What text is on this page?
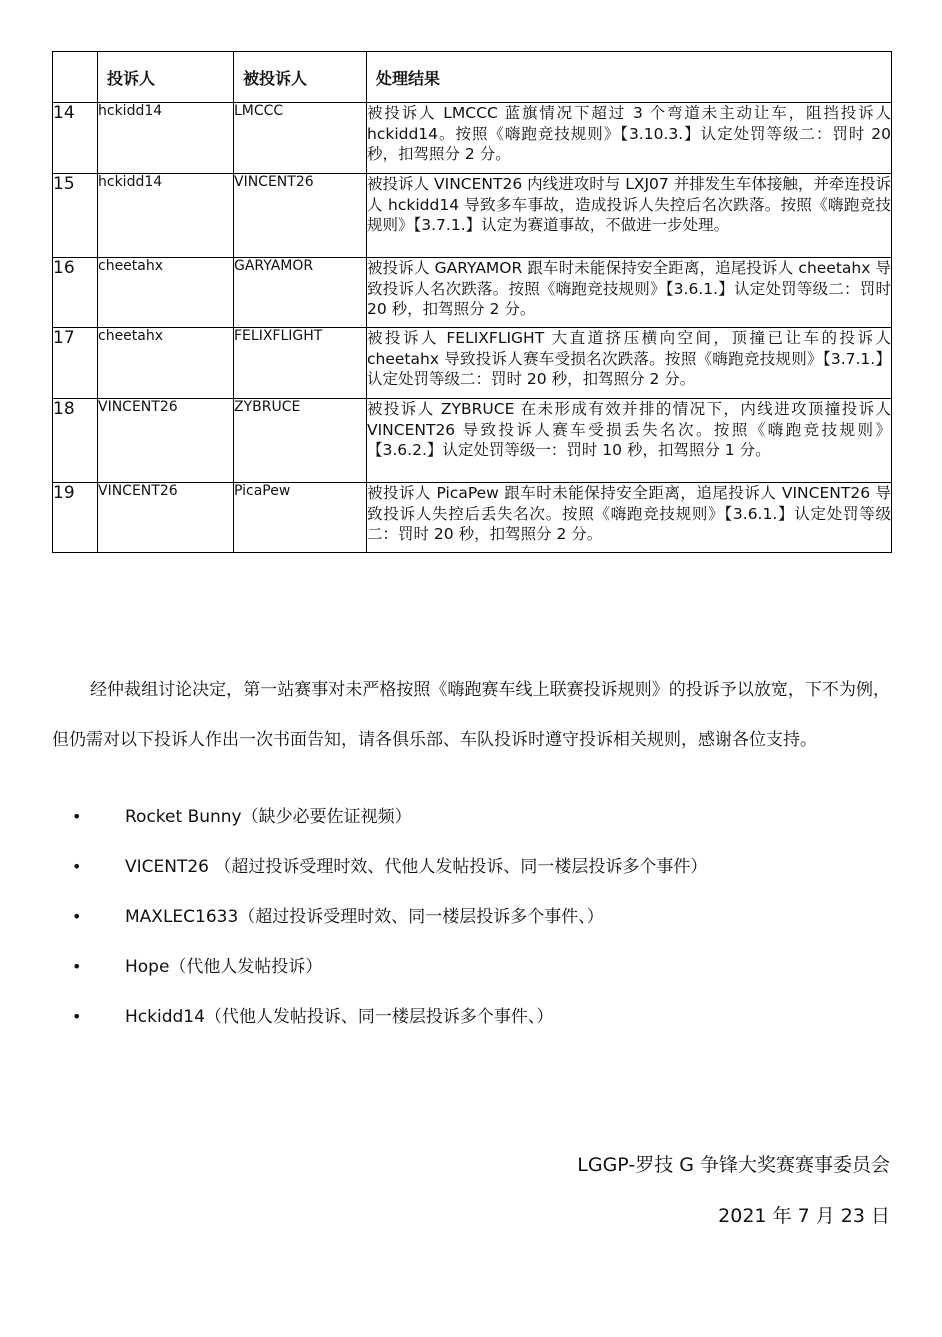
	投诉人	被投诉人	处理结果
14	hckidd14	LMCCC	被投诉人 LMCCC 蓝旗情况下超过 3 个弯道未主动让车，阻挡投诉人 hckidd14。按照《嗨跑竞技规则》【3.10.3.】认定处罚等级二：罚时 20 秒，扣驾照分 2 分。
15	hckidd14	VINCENT26	被投诉人 VINCENT26 内线进攻时与 LXJ07 并排发生车体接触，并牵连投诉人 hckidd14 导致多车事故，造成投诉人失控后名次跌落。按照《嗨跑竞技规则》【3.7.1.】认定为赛道事故，不做进一步处理。
16	cheetahx	GARYAMOR	被投诉人 GARYAMOR 跟车时未能保持安全距离，追尾投诉人 cheetahx 导致投诉人名次跌落。按照《嗨跑竞技规则》【3.6.1.】认定处罚等级二：罚时 20 秒，扣驾照分 2 分。
17	cheetahx	FELIXFLIGHT	被投诉人 FELIXFLIGHT 大直道挤压横向空间，顶撞已让车的投诉人 cheetahx 导致投诉人赛车受损名次跌落。按照《嗨跑竞技规则》【3.7.1.】认定处罚等级二：罚时 20 秒，扣驾照分 2 分。
18	VINCENT26	ZYBRUCE	被投诉人 ZYBRUCE 在未形成有效并排的情况下，内线进攻顶撞投诉人 VINCENT26 导致投诉人赛车受损丢失名次。按照《嗨跑竞技规则》【3.6.2.】认定处罚等级一：罚时 10 秒，扣驾照分 1 分。
19	VINCENT26	PicaPew	被投诉人 PicaPew 跟车时未能保持安全距离，追尾投诉人 VINCENT26 导致投诉人失控后丢失名次。按照《嗨跑竞技规则》【3.6.1.】认定处罚等级二：罚时 20 秒，扣驾照分 2 分。

经仲裁组讨论决定，第一站赛事对未严格按照《嗨跑赛车线上联赛投诉规则》的投诉予以放宽，下不为例，但仍需对以下投诉人作出一次书面告知，请各俱乐部、车队投诉时遵守投诉相关规则，感谢各位支持。

•	Rocket Bunny（缺少必要佐证视频）
•	VICENT26 （超过投诉受理时效、代他人发帖投诉、同一楼层投诉多个事件）
•	MAXLEC1633（超过投诉受理时效、同一楼层投诉多个事件、）
•	Hope（代他人发帖投诉）
•	Hckidd14（代他人发帖投诉、同一楼层投诉多个事件、）
LGGP-罗技 G 争锋大奖赛赛事委员会
2021 年 7 月 23 日
